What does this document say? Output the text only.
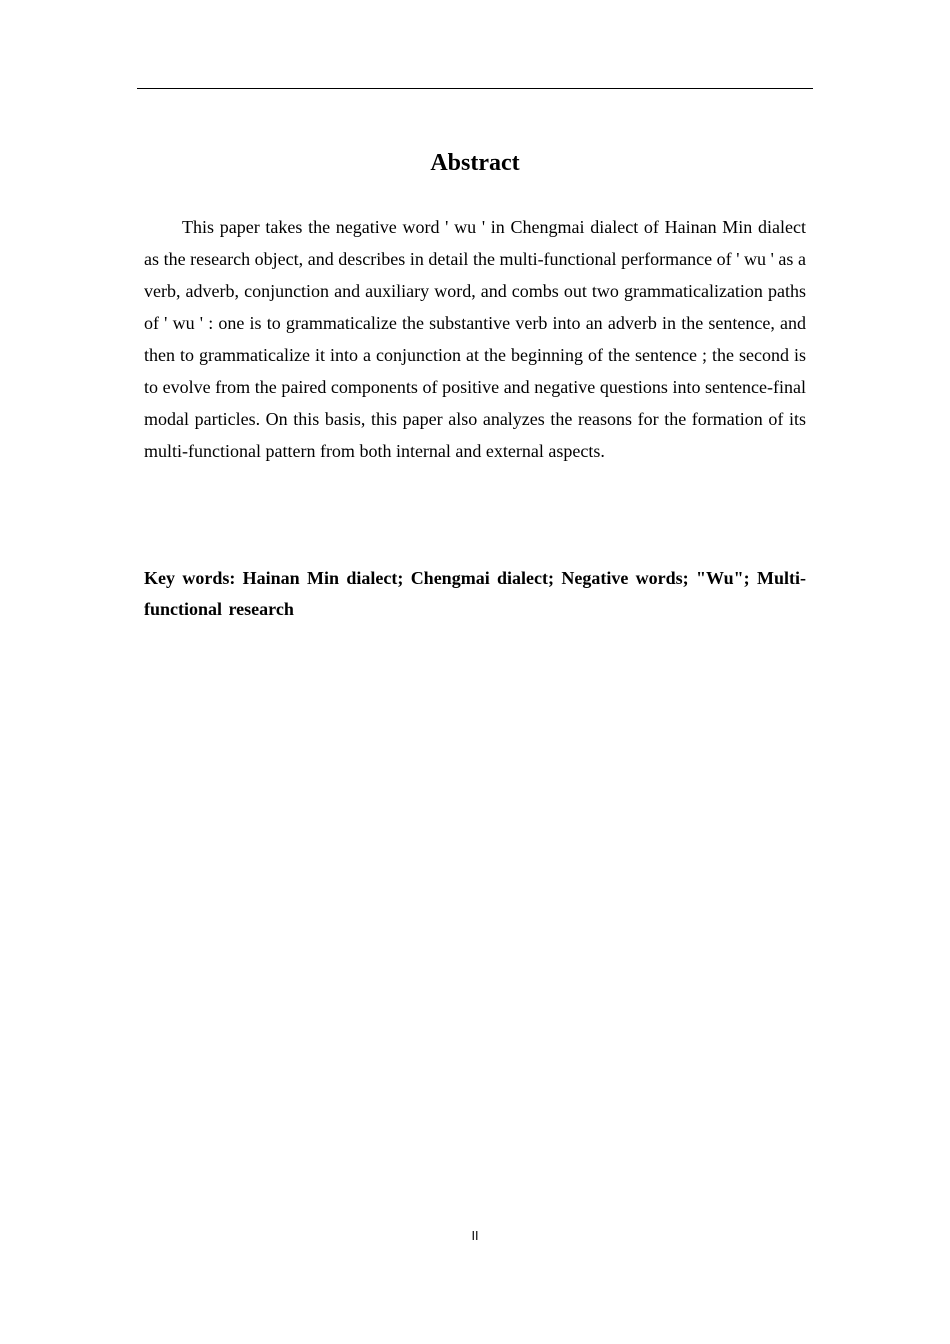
Abstract

This paper takes the negative word ' wu ' in Chengmai dialect of Hainan Min dialect as the research object, and describes in detail the multi-functional performance of ' wu ' as a verb, adverb, conjunction and auxiliary word, and combs out two grammaticalization paths of ' wu ' : one is to grammaticalize the substantive verb into an adverb in the sentence, and then to grammaticalize it into a conjunction at the beginning of the sentence ; the second is to evolve from the paired components of positive and negative questions into sentence-final modal particles. On this basis, this paper also analyzes the reasons for the formation of its multi-functional pattern from both internal and external aspects.

Key words: Hainan Min dialect; Chengmai dialect; Negative words; "Wu"; Multi-functional research

II
